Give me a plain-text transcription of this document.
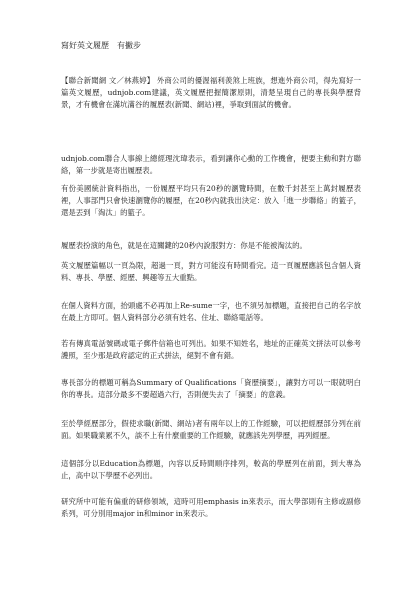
寫好英文履歷　有撇步

【聯合新聞網 文／林燕婷】 外商公司的優渥福利羨煞上班族，想進外商公司，得先寫好一篇英文履歷，udnjob.com建議，英文履歷把握簡潔原則，清楚呈現自己的專長與學歷背景，才有機會在滿坑滿谷的履歷表(新聞、網站)裡，爭取到面試的機會。

udnjob.com聯合人事線上總經理沈瑋表示，看到讓你心動的工作機會，便要主動和對方聯絡，第一步就是寄出履歷表。

有份美國統計資料指出，一份履歷平均只有20秒的瀏覽時間，在數千封甚至上萬封履歷表裡，人事部門只會快速瀏覽你的履歷，在20秒內就我出決定：放入「進一步聯絡」的籃子，還是丟到「淘汰」的籃子。

履歷表扮演的角色，就是在這關鍵的20秒內說服對方：你是不能被淘汰的。

英文履歷篇幅以一頁為限，超過一頁，對方可能沒有時間看完。這一頁履歷應該包含個人資料、專長、學歷、經歷、興趣等五大重點。

在個人資料方面，抬頭處不必再加上Re-sume一字，也不須另加標題，直接把自己的名字放在最上方即可。個人資料部分必須有姓名、住址、聯絡電話等。

若有傳真電話號碼或電子郵件信箱也可列出。如果不知姓名，地址的正確英文拼法可以參考護照，至少那是政府認定的正式拼法，絕對不會有錯。

專長部分的標題可稱為Summary of Qualifications「資歷摘要」，讓對方可以一眼就明白你的專長。這部分最多不要超過六行，否則便失去了「摘要」的意義。

至於學經歷部分，假使求職(新聞、網站)者有兩年以上的工作經驗，可以把經歷部分列在前面。如果職業累不久，談不上有什麼重要的工作經驗，就應該先列學歷，再列經歷。

這個部分以Education為標題，內容以反時間順序排列，較高的學歷列在前面，到大專為止，高中以下學歷不必列出。

研究所中可能有偏重的研修領域，這時可用emphasis in來表示，而大學部則有主修或副修系列，可分別用major in和minor in來表示。
